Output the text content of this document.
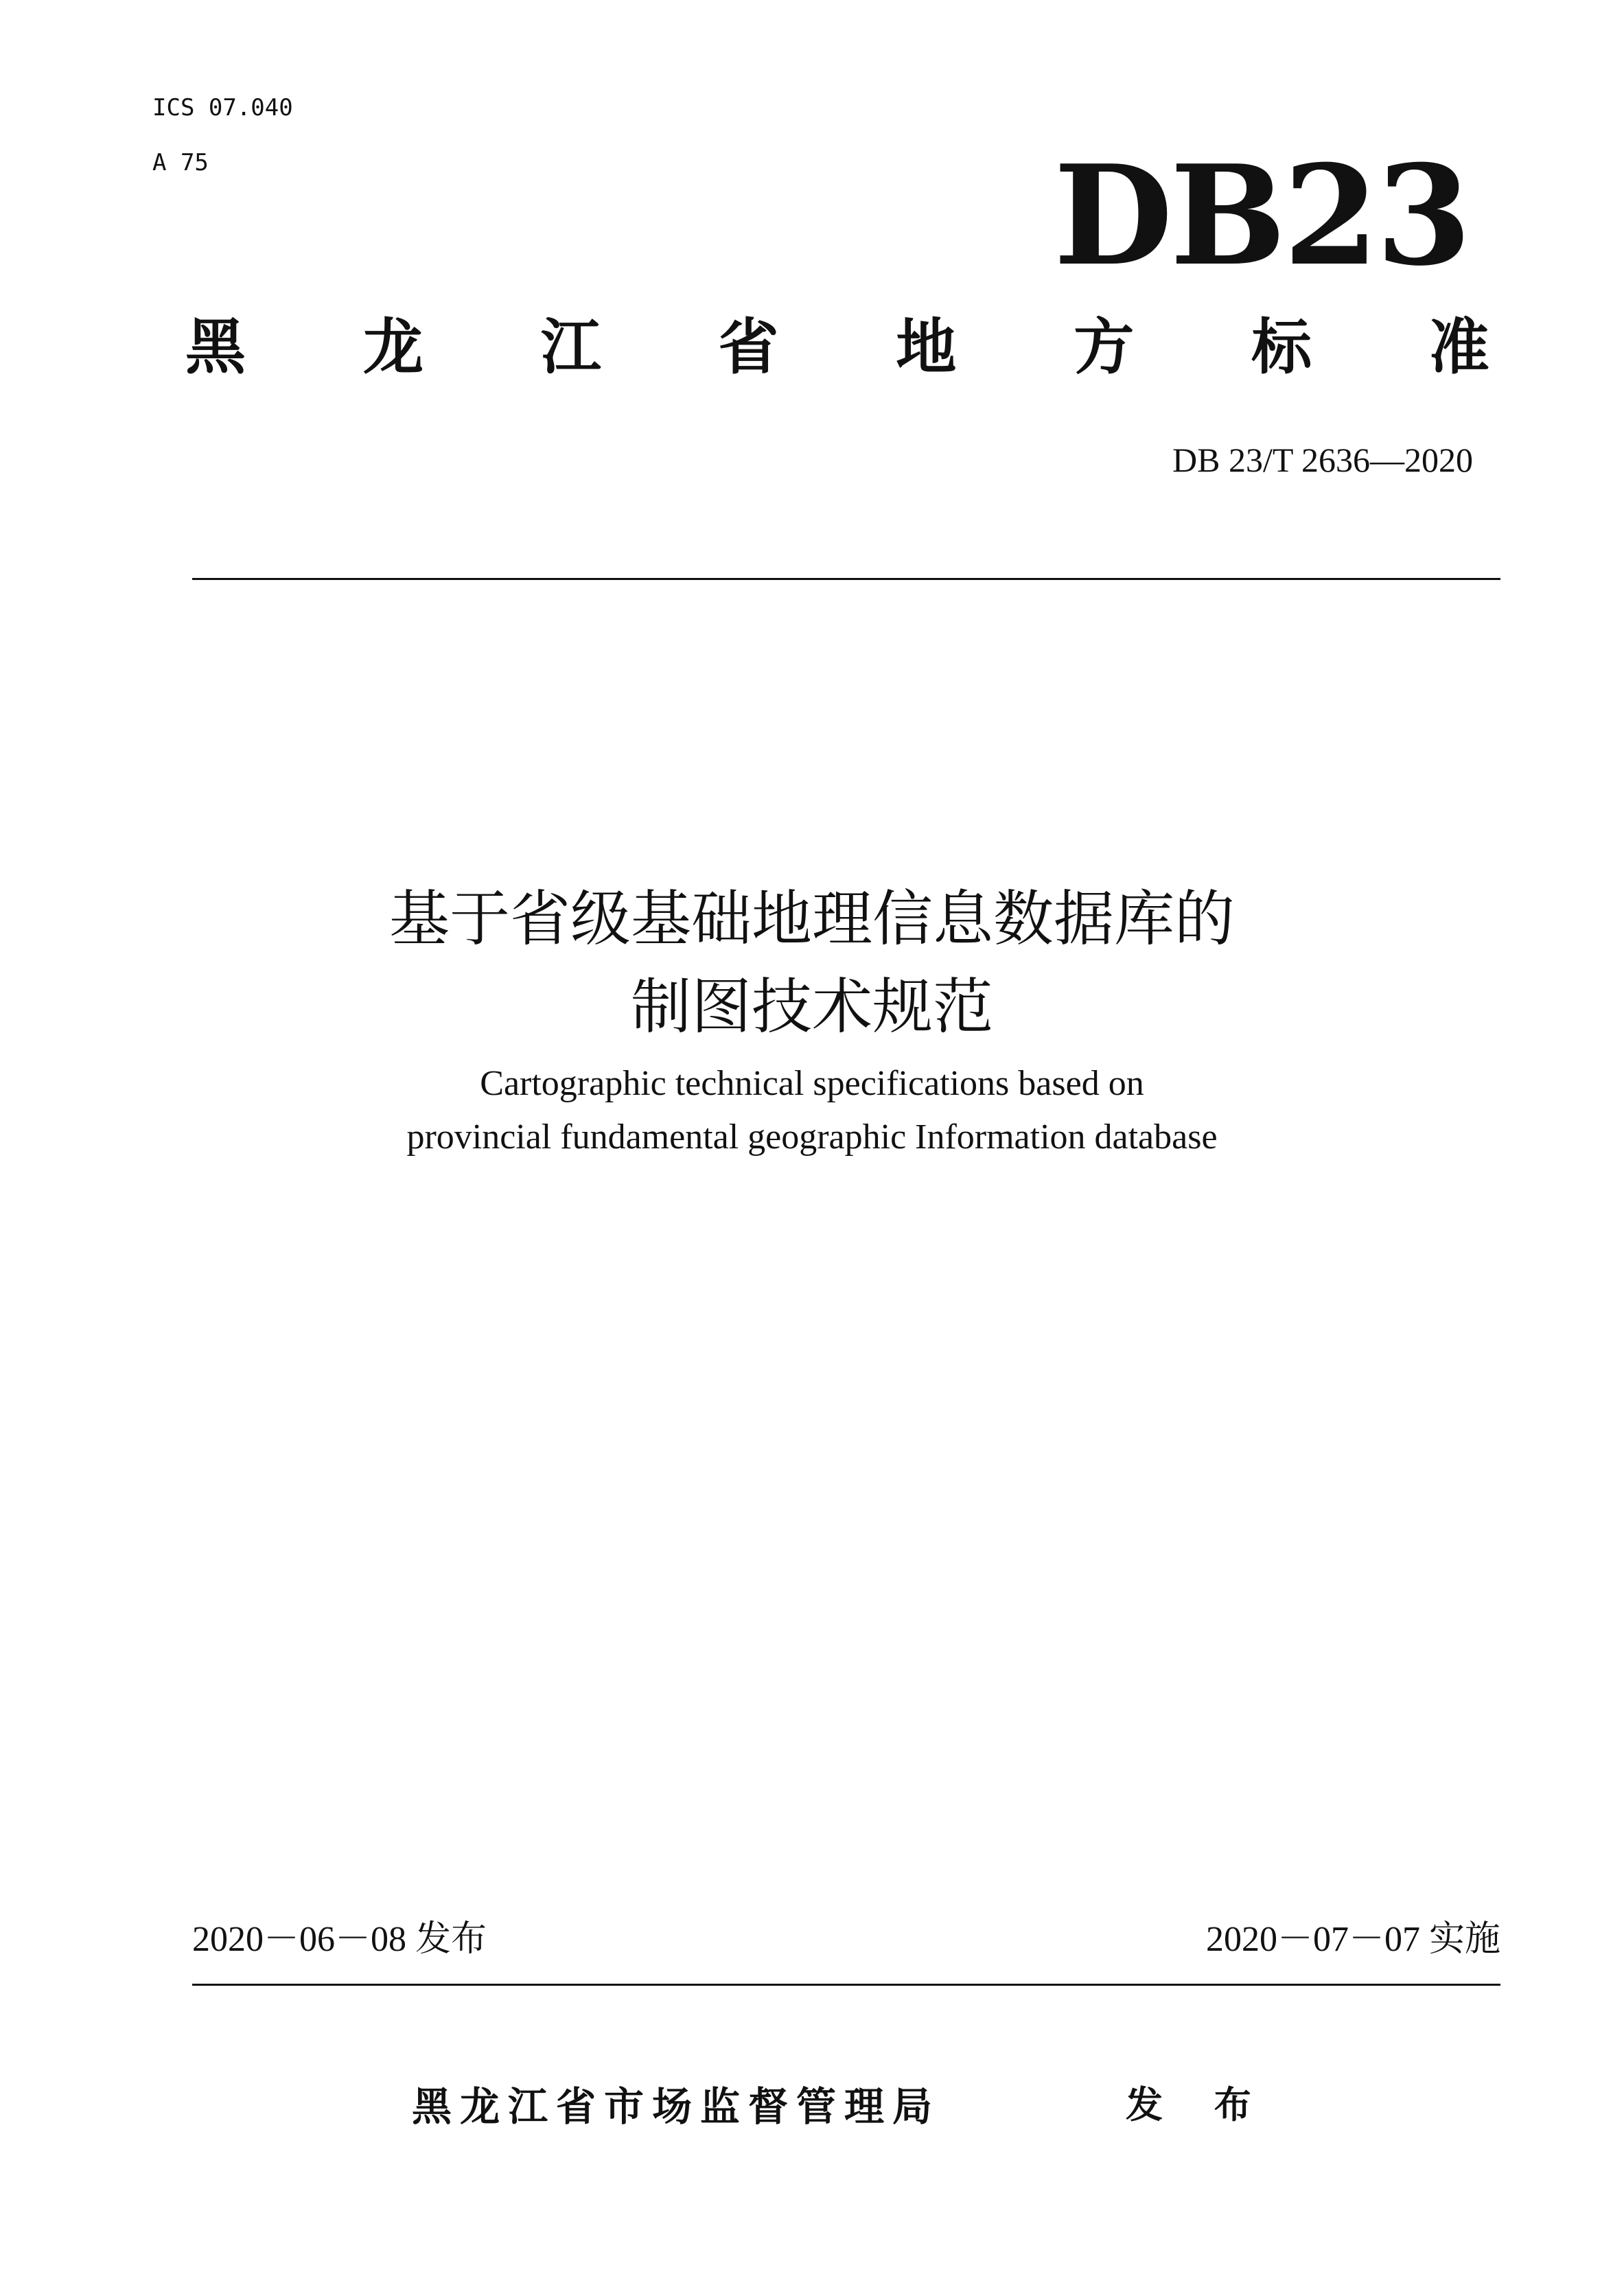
ICS 07.040
A 75	DB23
黑 龙 江 省 地 方 标 准
DB 23/T 2636—2020
基于省级基础地理信息数据库的
制图技术规范
Cartographic technical specifications based on
provincial fundamental geographic Information database
2020－06－08 发布	2020－07－07 实施
黑龙江省市场监督管理局	发 布
